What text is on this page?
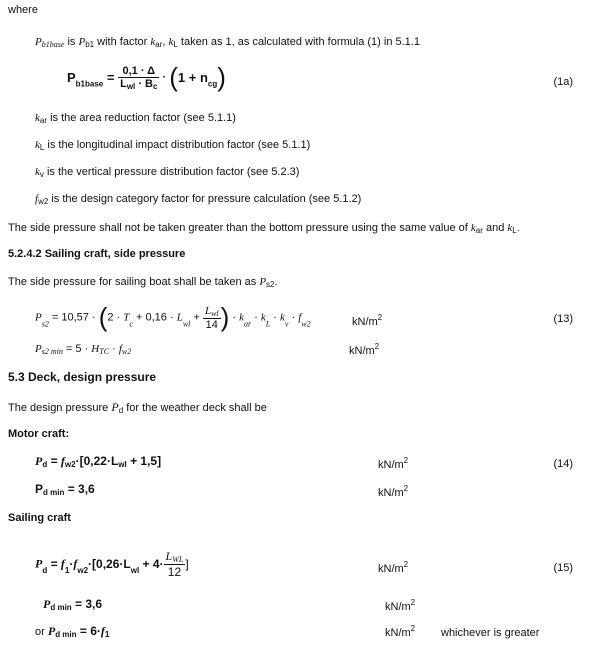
where
$P_{b1base}$ is $P_{b1}$ with factor $k_{ar}$, $k_L$ taken as 1, as calculated with formula (1) in 5.1.1
$P_{b1base} = \frac{0,1 \cdot \Delta}{L_{wl} \cdot B_c} \cdot (1 + n_{cg})$	(1a)
$k_{ar}$ is the area reduction factor (see 5.1.1)
$k_L$ is the longitudinal impact distribution factor (see 5.1.1)
$k_v$ is the vertical pressure distribution factor (see 5.2.3)
$f_{w2}$ is the design category factor for pressure calculation (see 5.1.2)
The side pressure shall not be taken greater than the bottom pressure using the same value of $k_{ar}$ and $k_L$.
5.2.4.2 Sailing craft, side pressure
The side pressure for sailing boat shall be taken as $P_{s2}$.
$P_{s2} = 10,57 \cdot (2 \cdot T_c + 0,16 \cdot L_{wl} + \frac{L_{wl}}{14}$ ) · $k_{ar} \cdot k_L \cdot k_v \cdot f_{w2}$	$kN/m^2$	(13)
$P_{s2 min} = 5 \cdot H_{TC} \cdot f_{w2}$	$kN/m^2$
5.3 Deck, design pressure
The design pressure $P_d$ for the weather deck shall be
Motor craft:
$P_d = f_{w2}\cdot[0,22\cdot L_{wl} + 1,5]$	$kN/m^2$	(14)
$P_{d min} = 3,6$	$kN/m^2$
Sailing craft
$P_d = f_1\cdot f_{w2}\cdot[0,26\cdot L_{wl} + 4\cdot \frac{L_{WL}}{12}$ ]	$kN/m^2$	(15)
$P_{d min} = 3,6$	$kN/m^2$
or $P_{d min} = 6\cdot f_1$	$kN/m^2$ whichever is greater
